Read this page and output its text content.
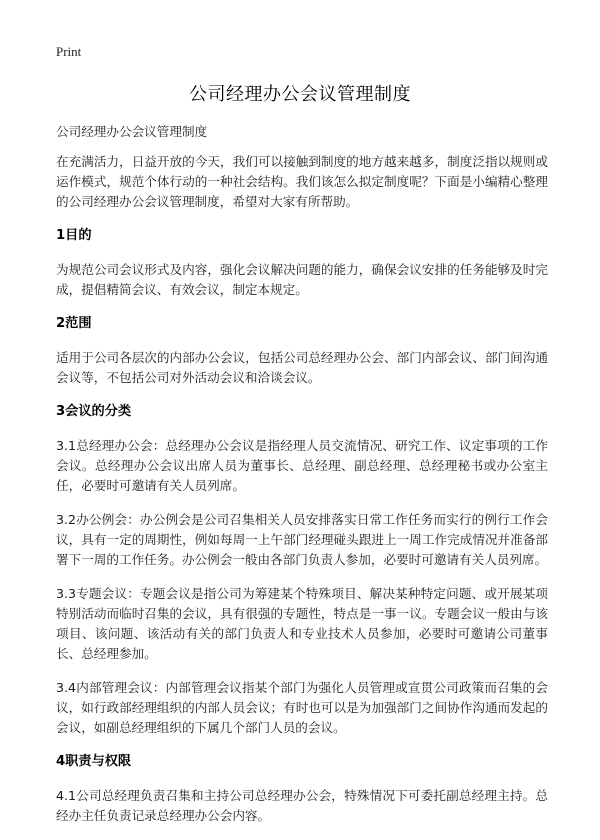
Print
公司经理办公会议管理制度

公司经理办公会议管理制度

在充满活力，日益开放的今天，我们可以接触到制度的地方越来越多，制度泛指以规则或运作模式，规范个体行动的一种社会结构。我们该怎么拟定制度呢？下面是小编精心整理的公司经理办公会议管理制度，希望对大家有所帮助。

1目的

为规范公司会议形式及内容，强化会议解决问题的能力，确保会议安排的任务能够及时完成，提倡精简会议、有效会议，制定本规定。

2范围

适用于公司各层次的内部办公会议，包括公司总经理办公会、部门内部会议、部门间沟通会议等，不包括公司对外活动会议和洽谈会议。

3会议的分类

3.1总经理办公会：总经理办公会议是指经理人员交流情况、研究工作、议定事项的工作会议。总经理办公会议出席人员为董事长、总经理、副总经理、总经理秘书或办公室主任，必要时可邀请有关人员列席。

3.2办公例会：办公例会是公司召集相关人员安排落实日常工作任务而实行的例行工作会议，具有一定的周期性，例如每周一上午部门经理碰头跟进上一周工作完成情况并准备部署下一周的工作任务。办公例会一般由各部门负责人参加，必要时可邀请有关人员列席。

3.3专题会议：专题会议是指公司为筹建某个特殊项目、解决某种特定问题、或开展某项特别活动而临时召集的会议，具有很强的专题性，特点是一事一议。专题会议一般由与该项目、该问题、该活动有关的部门负责人和专业技术人员参加，必要时可邀请公司董事长、总经理参加。

3.4内部管理会议：内部管理会议指某个部门为强化人员管理或宣贯公司政策而召集的会议，如行政部经理组织的内部人员会议；有时也可以是为加强部门之间协作沟通而发起的会议，如副总经理组织的下属几个部门人员的会议。

4职责与权限

4.1公司总经理负责召集和主持公司总经理办公会，特殊情况下可委托副总经理主持。总经办主任负责记录总经理办公会内容。
